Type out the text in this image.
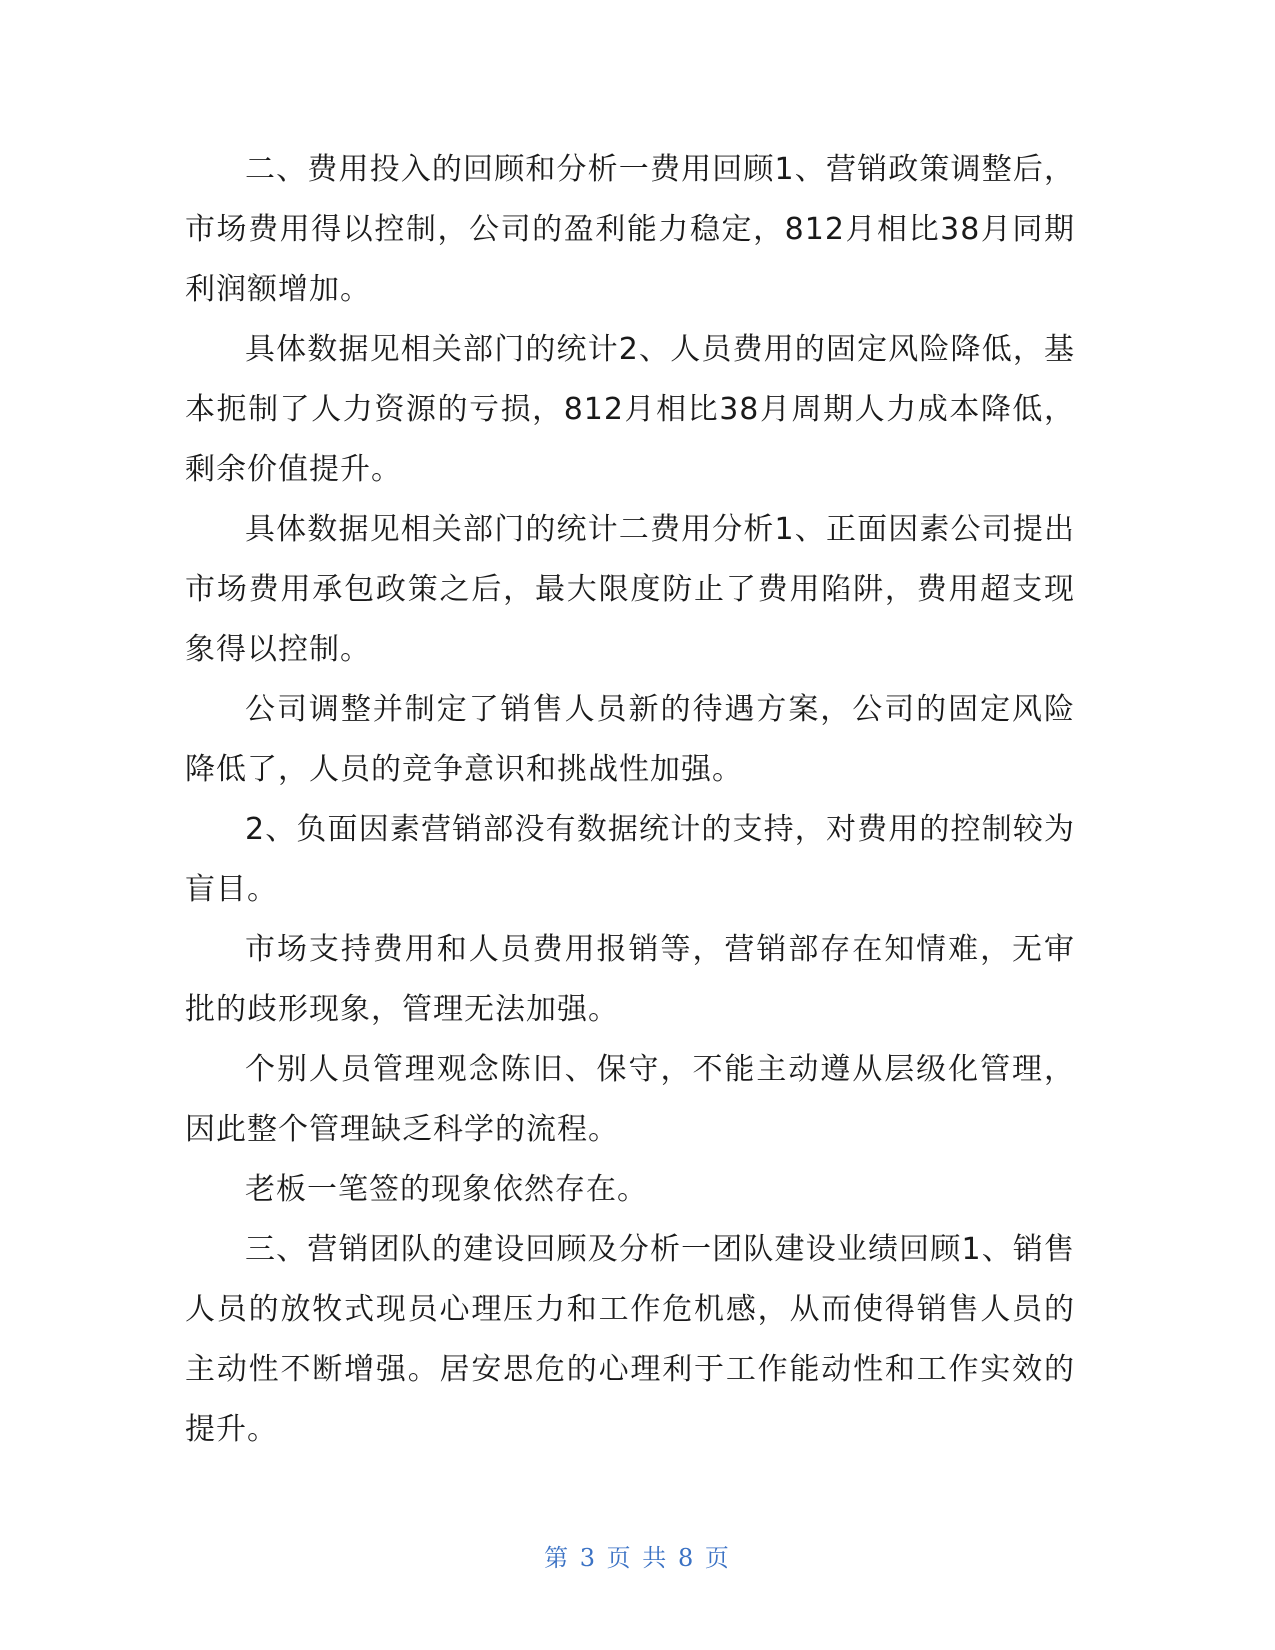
二、费用投入的回顾和分析一费用回顾1、营销政策调整后，市场费用得以控制，公司的盈利能力稳定，812月相比38月同期利润额增加。

具体数据见相关部门的统计2、人员费用的固定风险降低，基本扼制了人力资源的亏损，812月相比38月周期人力成本降低，剩余价值提升。

具体数据见相关部门的统计二费用分析1、正面因素公司提出市场费用承包政策之后，最大限度防止了费用陷阱，费用超支现象得以控制。

公司调整并制定了销售人员新的待遇方案，公司的固定风险降低了，人员的竞争意识和挑战性加强。

2、负面因素营销部没有数据统计的支持，对费用的控制较为盲目。

市场支持费用和人员费用报销等，营销部存在知情难，无审批的歧形现象，管理无法加强。

个别人员管理观念陈旧、保守，不能主动遵从层级化管理，因此整个管理缺乏科学的流程。

老板一笔签的现象依然存在。

三、营销团队的建设回顾及分析一团队建设业绩回顾1、销售人员的放牧式现员心理压力和工作危机感，从而使得销售人员的主动性不断增强。居安思危的心理利于工作能动性和工作实效的提升。

第 3 页 共 8 页
